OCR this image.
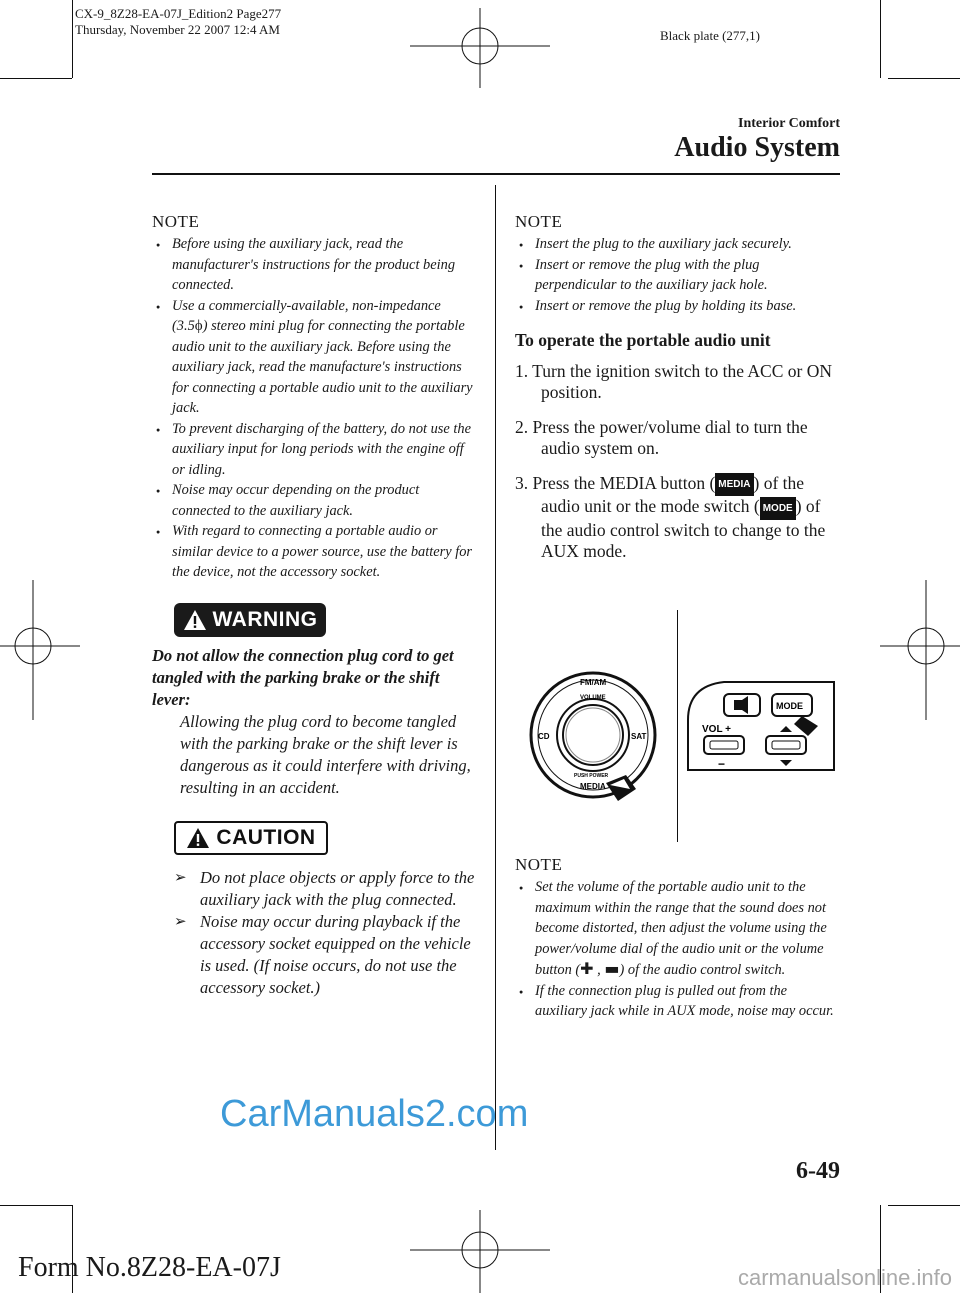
CX-9_8Z28-EA-07J_Edition2 Page277
Thursday, November 22 2007 12:4 AM	Black plate (277,1)
Interior Comfort
Audio System
NOTE
● Before using the auxiliary jack, read the manufacturer's instructions for the product being connected.
● Use a commercially-available, non-impedance (3.5ϕ) stereo mini plug for connecting the portable audio unit to the auxiliary jack. Before using the auxiliary jack, read the manufacture's instructions for connecting a portable audio unit to the auxiliary jack.
● To prevent discharging of the battery, do not use the auxiliary input for long periods with the engine off or idling.
● Noise may occur depending on the product connected to the auxiliary jack.
● With regard to connecting a portable audio or similar device to a power source, use the battery for the device, not the accessory socket.
WARNING
Do not allow the connection plug cord to get tangled with the parking brake or the shift lever:
Allowing the plug cord to become tangled with the parking brake or the shift lever is dangerous as it could interfere with driving, resulting in an accident.
CAUTION
➢ Do not place objects or apply force to the auxiliary jack with the plug connected.
➢ Noise may occur during playback if the accessory socket equipped on the vehicle is used. (If noise occurs, do not use the accessory socket.)
NOTE
● Insert the plug to the auxiliary jack securely.
● Insert or remove the plug with the plug perpendicular to the auxiliary jack hole.
● Insert or remove the plug by holding its base.
To operate the portable audio unit
1. Turn the ignition switch to the ACC or ON position.
2. Press the power/volume dial to turn the audio system on.
3. Press the MEDIA button ( MEDIA ) of the audio unit or the mode switch ( MODE ) of the audio control switch to change to the AUX mode.
FM/AM
VOLUME
CD	SAT
PUSH POWER
MEDIA
MODE
VOL +
−
NOTE
● Set the volume of the portable audio unit to the maximum within the range that the sound does not become distorted, then adjust the volume using the power/volume dial of the audio unit or the volume button (✚ , ▬) of the audio control switch.
● If the connection plug is pulled out from the auxiliary jack while in AUX mode, noise may occur.
CarManuals2.com
6-49
Form No.8Z28-EA-07J	carmanualsonline.info
